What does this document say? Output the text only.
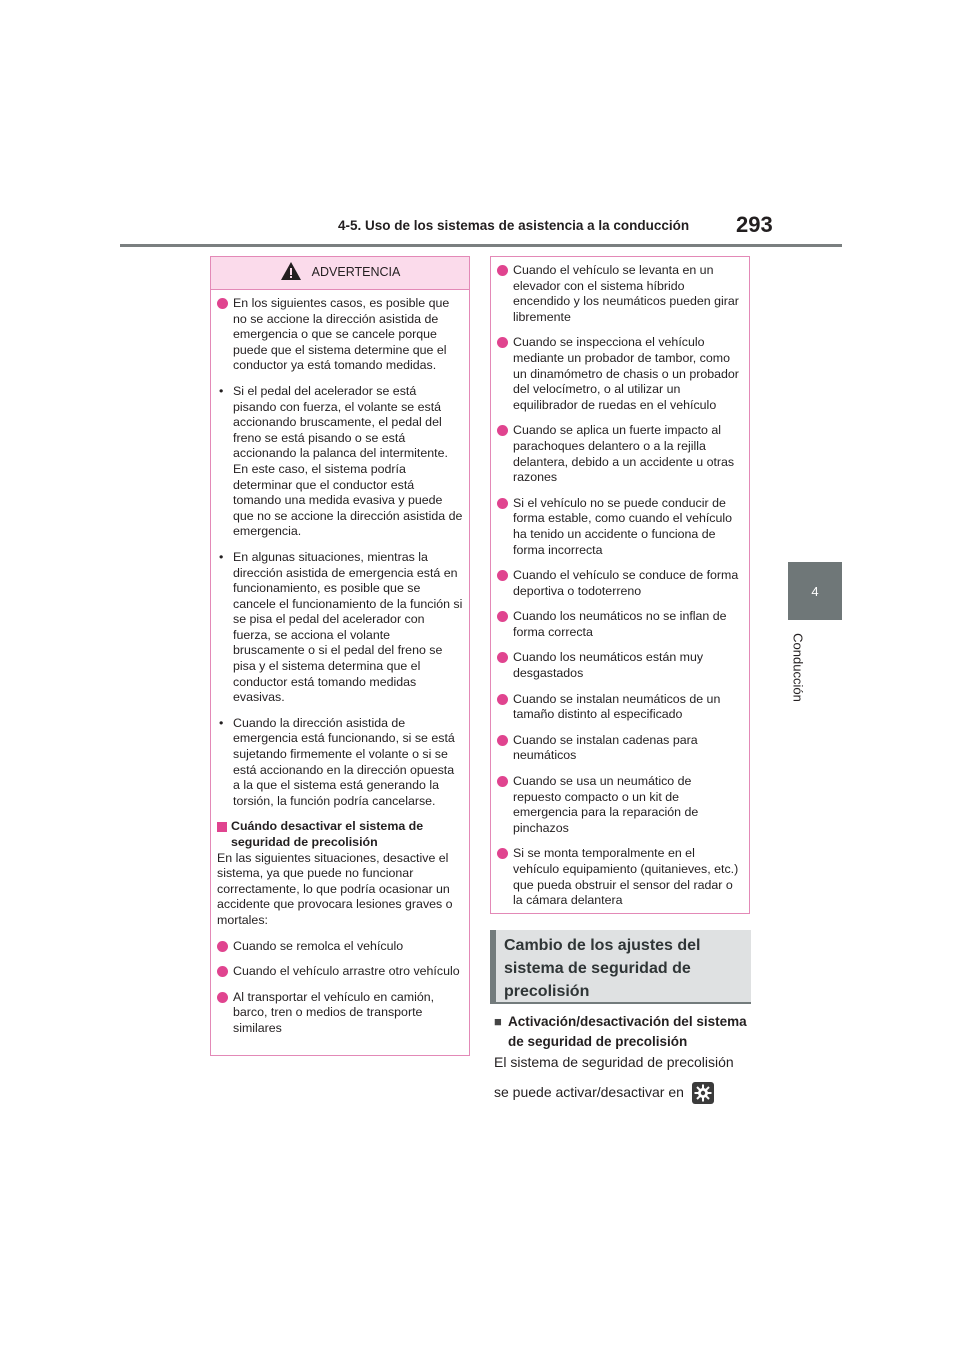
4-5. Uso de los sistemas de asistencia a la conducción 293
4
Conducción
ADVERTENCIA
En los siguientes casos, es posible que no se accione la dirección asistida de emergencia o que se cancele porque puede que el sistema determine que el conductor ya está tomando medidas.
• Si el pedal del acelerador se está pisando con fuerza, el volante se está accionando bruscamente, el pedal del freno se está pisando o se está accionando la palanca del intermitente. En este caso, el sistema podría determinar que el conductor está tomando una medida evasiva y puede que no se accione la dirección asistida de emergencia.
• En algunas situaciones, mientras la dirección asistida de emergencia está en funcionamiento, es posible que se cancele el funcionamiento de la función si se pisa el pedal del acelerador con fuerza, se acciona el volante bruscamente o si el pedal del freno se pisa y el sistema determina que el conductor está tomando medidas evasivas.
• Cuando la dirección asistida de emergencia está funcionando, si se está sujetando firmemente el volante o si se está accionando en la dirección opuesta a la que el sistema está generando la torsión, la función podría cancelarse.
Cuándo desactivar el sistema de seguridad de precolisión
En las siguientes situaciones, desactive el sistema, ya que puede no funcionar correctamente, lo que podría ocasionar un accidente que provocara lesiones graves o mortales:
Cuando se remolca el vehículo
Cuando el vehículo arrastre otro vehículo
Al transportar el vehículo en camión, barco, tren o medios de transporte similares
Cuando el vehículo se levanta en un elevador con el sistema híbrido encendido y los neumáticos pueden girar libremente
Cuando se inspecciona el vehículo mediante un probador de tambor, como un dinamómetro de chasis o un probador del velocímetro, o al utilizar un equilibrador de ruedas en el vehículo
Cuando se aplica un fuerte impacto al parachoques delantero o a la rejilla delantera, debido a un accidente u otras razones
Si el vehículo no se puede conducir de forma estable, como cuando el vehículo ha tenido un accidente o funciona de forma incorrecta
Cuando el vehículo se conduce de forma deportiva o todoterreno
Cuando los neumáticos no se inflan de forma correcta
Cuando los neumáticos están muy desgastados
Cuando se instalan neumáticos de un tamaño distinto al especificado
Cuando se instalan cadenas para neumáticos
Cuando se usa un neumático de repuesto compacto o un kit de emergencia para la reparación de pinchazos
Si se monta temporalmente en el vehículo equipamiento (quitanieves, etc.) que pueda obstruir el sensor del radar o la cámara delantera
Cambio de los ajustes del sistema de seguridad de precolisión
■ Activación/desactivación del sistema de seguridad de precolisión
El sistema de seguridad de precolisión
se puede activar/desactivar en
